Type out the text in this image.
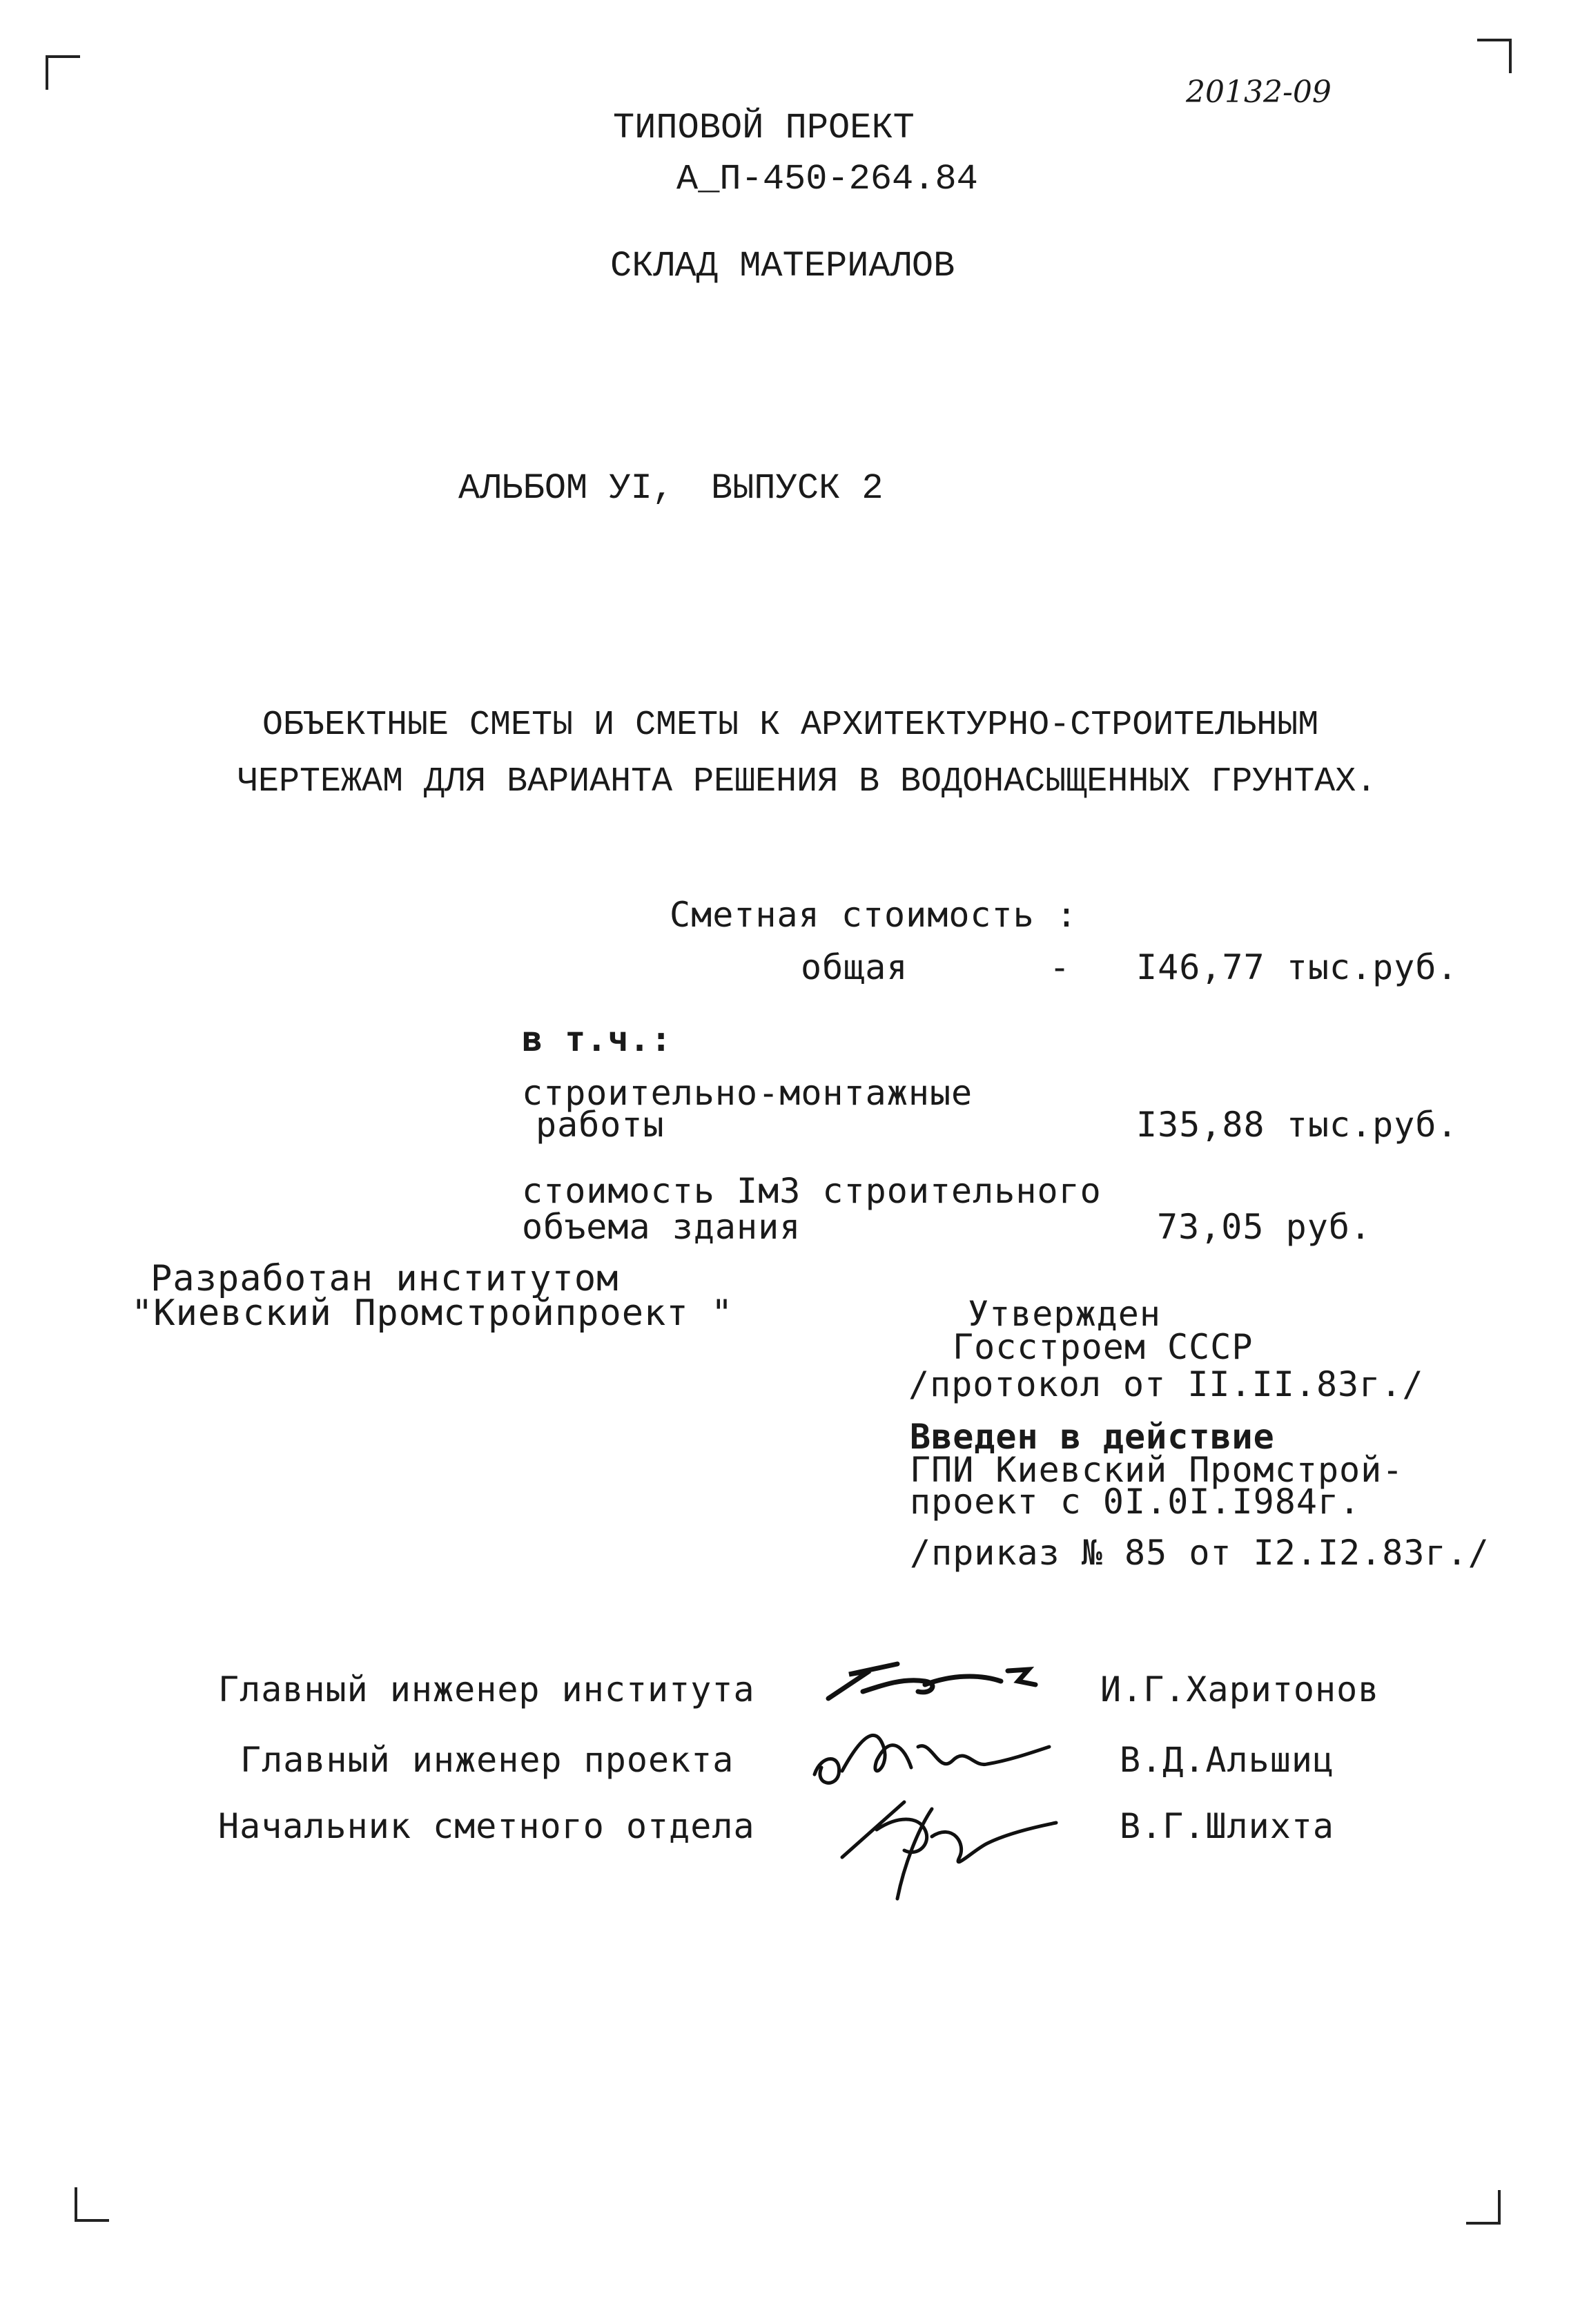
20132-09
ТИПОВОЙ ПРОЕКТ
А_П-450-264.84
СКЛАД МАТЕРИАЛОВ
АЛЬБОМ УI, ВЫПУСК 2
ОБЪЕКТНЫЕ СМЕТЫ И СМЕТЫ К АРХИТЕКТУРНО-СТРОИТЕЛЬНЫМ
ЧЕРТЕЖАМ ДЛЯ ВАРИАНТА РЕШЕНИЯ В ВОДОНАСЫЩЕННЫХ ГРУНТАХ.
Сметная стоимость :
общая	- I46,77 тыс.руб.
в т.ч.:
строительно-монтажные
работы	I35,88 тыс.руб.
стоимость IмЗ строительного
объема здания	73,05 руб.
Разработан институтом
"Киевский Промстройпроект "	Утвержден
Госстроем СССР
/протокол от II.II.83г./
Введен в действие
ГПИ Киевский Промстрой-
проект с 0I.0I.I984г.
/приказ № 85 от I2.I2.83г./
Главный инженер института	И.Г.Харитонов
Главный инженер проекта	В.Д.Альшиц
Начальник сметного отдела	В.Г.Шлихта
